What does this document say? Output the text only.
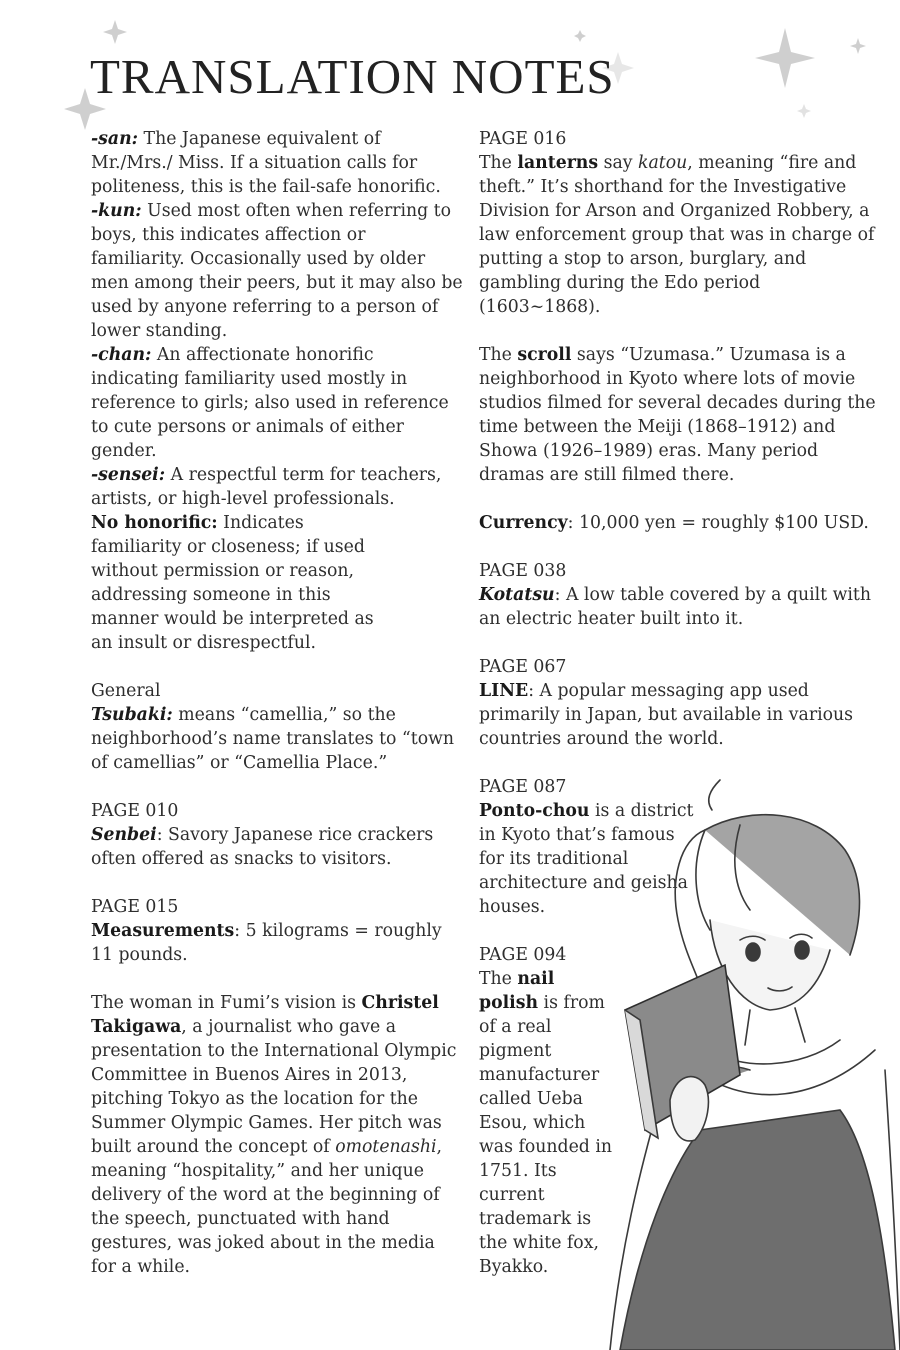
TRANSLATION NOTES

-san: The Japanese equivalent of Mr./Mrs./ Miss. If a situation calls for politeness, this is the fail-safe honorific.

-kun: Used most often when referring to boys, this indicates affection or familiarity. Occasionally used by older men among their peers, but it may also be used by anyone referring to a person of lower standing.

-chan: An affectionate honorific indicating familiarity used mostly in reference to girls; also used in reference to cute persons or animals of either gender.

-sensei: A respectful term for teachers, artists, or high-level professionals.

No honorific: Indicates familiarity or closeness; if used without permission or reason, addressing someone in this manner would be interpreted as an insult or disrespectful.

General

Tsubaki: means “camellia,” so the neighborhood’s name translates to “town of camellias” or “Camellia Place.”

PAGE 010

Senbei: Savory Japanese rice crackers often offered as snacks to visitors.

PAGE 015

Measurements: 5 kilograms = roughly 11 pounds.

The woman in Fumi’s vision is Christel Takigawa, a journalist who gave a presentation to the International Olympic Committee in Buenos Aires in 2013, pitching Tokyo as the location for the Summer Olympic Games. Her pitch was built around the concept of omotenashi, meaning “hospitality,” and her unique delivery of the word at the beginning of the speech, punctuated with hand gestures, was joked about in the media for a while.

PAGE 016

The lanterns say katou, meaning “fire and theft.” It’s shorthand for the Investigative Division for Arson and Organized Robbery, a law enforcement group that was in charge of putting a stop to arson, burglary, and gambling during the Edo period (1603~1868).

The scroll says “Uzumasa.” Uzumasa is a neighborhood in Kyoto where lots of movie studios filmed for several decades during the time between the Meiji (1868–1912) and Showa (1926–1989) eras. Many period dramas are still filmed there.

Currency: 10,000 yen = roughly $100 USD.

PAGE 038

Kotatsu: A low table covered by a quilt with an electric heater built into it.

PAGE 067

LINE: A popular messaging app used primarily in Japan, but available in various countries around the world.

PAGE 087

Ponto-chou is a district in Kyoto that’s famous for its traditional architecture and geisha houses.

PAGE 094

The nail polish is from of a real pigment manufacturer called Ueba Esou, which was founded in 1751. Its current trademark is the white fox, Byakko.
